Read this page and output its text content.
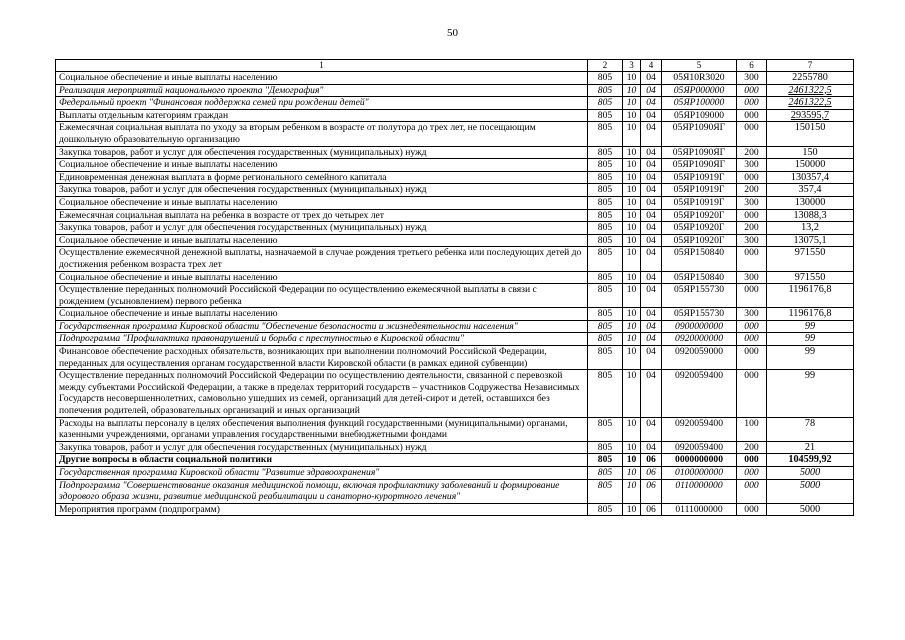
50
1	2	3	4	5	6	7
Социальное обеспечение и иные выплаты населению	805	10	04	05Я10R3020	300	2255780
Реализация мероприятий национального проекта "Демография"	805	10	04	05ЯР000000	000	2461322,5
Федеральный проект "Финансовая поддержка семей при рождении детей"	805	10	04	05ЯР100000	000	2461322,5
Выплаты отдельным категориям граждан	805	10	04	05ЯР109000	000	293595,7
Ежемесячная социальная выплата по уходу за вторым ребенком в возрасте от полутора до трех лет, не посещающим дошкольную образовательную организацию	805	10	04	05ЯР1090ЯГ	000	150150
Закупка товаров, работ и услуг для обеспечения государственных (муниципальных) нужд	805	10	04	05ЯР1090ЯГ	200	150
Социальное обеспечение и иные выплаты населению	805	10	04	05ЯР1090ЯГ	300	150000
Единовременная денежная выплата в форме регионального семейного капитала	805	10	04	05ЯР10919Г	000	130357,4
Закупка товаров, работ и услуг для обеспечения государственных (муниципальных) нужд	805	10	04	05ЯР10919Г	200	357,4
Социальное обеспечение и иные выплаты населению	805	10	04	05ЯР10919Г	300	130000
Ежемесячная социальная выплата на ребенка в возрасте от трех до четырех лет	805	10	04	05ЯР10920Г	000	13088,3
Закупка товаров, работ и услуг для обеспечения государственных (муниципальных) нужд	805	10	04	05ЯР10920Г	200	13,2
Социальное обеспечение и иные выплаты населению	805	10	04	05ЯР10920Г	300	13075,1
Осуществление ежемесячной денежной выплаты, назначаемой в случае рождения третьего ребенка или последующих детей до достижения ребенком возраста трех лет	805	10	04	05ЯР150840	000	971550
Социальное обеспечение и иные выплаты населению	805	10	04	05ЯР150840	300	971550
Осуществление переданных полномочий Российской Федерации по осуществлению ежемесячной выплаты в связи с рождением (усыновлением) первого ребенка	805	10	04	05ЯР155730	000	1196176,8
Социальное обеспечение и иные выплаты населению	805	10	04	05ЯР155730	300	1196176,8
Государственная программа Кировской области "Обеспечение безопасности и жизнедеятельности населения"	805	10	04	0900000000	000	99
Подпрограмма "Профилактика правонарушений и борьба с преступностью в Кировской области"	805	10	04	0920000000	000	99
Финансовое обеспечение расходных обязательств, возникающих при выполнении полномочий Российской Федерации, переданных для осуществления органам государственной власти Кировской области (в рамках единой субвенции)	805	10	04	0920059000	000	99
Осуществление переданных полномочий Российской Федерации по осуществлению деятельности, связанной с перевозкой между субъектами Российской Федерации, а также в пределах территорий государств – участников Содружества Независимых Государств несовершеннолетних, самовольно ушедших из семей, организаций для детей-сирот и детей, оставшихся без попечения родителей, образовательных организаций и иных организаций	805	10	04	0920059400	000	99
Расходы на выплаты персоналу в целях обеспечения выполнения функций государственными (муниципальными) органами, казенными учреждениями, органами управления государственными внебюджетными фондами	805	10	04	0920059400	100	78
Закупка товаров, работ и услуг для обеспечения государственных (муниципальных) нужд	805	10	04	0920059400	200	21
Другие вопросы в области социальной политики	805	10	06	0000000000	000	104599,92
Государственная программа Кировской области "Развитие здравоохранения"	805	10	06	0100000000	000	5000
Подпрограмма "Совершенствование оказания медицинской помощи, включая профилактику заболеваний и формирование здорового образа жизни, развитие медицинской реабилитации и санаторно-курортного лечения"	805	10	06	0110000000	000	5000
Мероприятия программ (подпрограмм)	805	10	06	0111000000	000	5000
